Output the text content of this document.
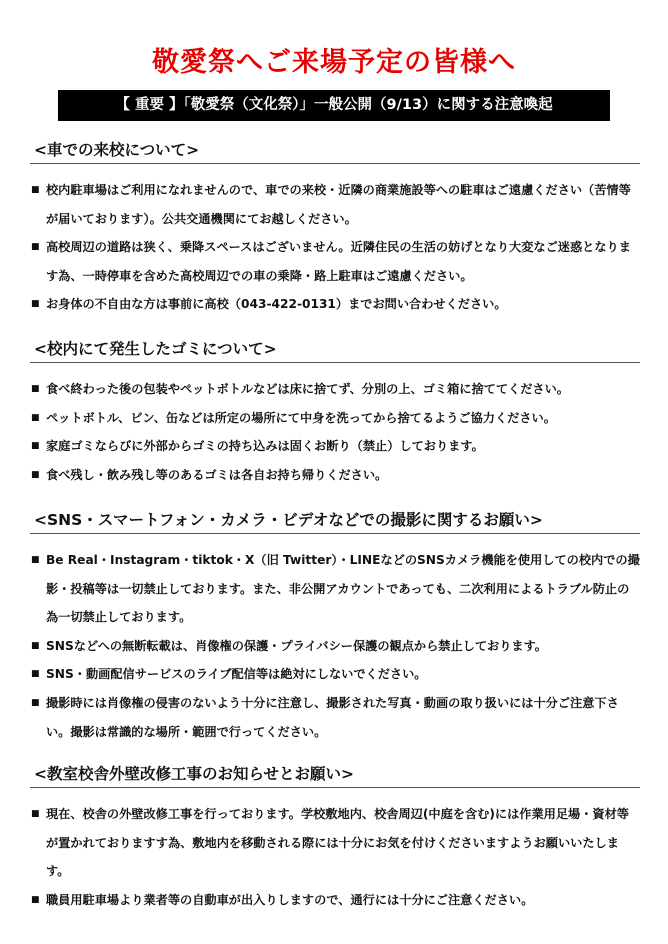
敬愛祭へご来場予定の皆様へ
【 重要 】「敬愛祭（文化祭）」一般公開（9/13）に関する注意喚起
<車での来校について>
■ 校内駐車場はご利用になれませんので、車での来校・近隣の商業施設等への駐車はご遠慮ください（苦情等が届いております）。公共交通機関にてお越しください。
■ 高校周辺の道路は狭く、乗降スペースはございません。近隣住民の生活の妨げとなり大変なご迷惑となります為、一時停車を含めた高校周辺での車の乗降・路上駐車はご遠慮ください。
■ お身体の不自由な方は事前に高校（043-422-0131）までお問い合わせください。
<校内にて発生したゴミについて>
■ 食べ終わった後の包装やペットボトルなどは床に捨てず、分別の上、ゴミ箱に捨ててください。
■ ペットボトル、ビン、缶などは所定の場所にて中身を洗ってから捨てるようご協力ください。
■ 家庭ゴミならびに外部からゴミの持ち込みは固くお断り（禁止）しております。
■ 食べ残し・飲み残し等のあるゴミは各自お持ち帰りください。
<SNS・スマートフォン・カメラ・ビデオなどでの撮影に関するお願い>
■ Be Real・Instagram・tiktok・X（旧 Twitter）・LINEなどのSNSカメラ機能を使用しての校内での撮影・投稿等は一切禁止しております。また、非公開アカウントであっても、二次利用によるトラブル防止の為一切禁止しております。
■ SNSなどへの無断転載は、肖像権の保護・プライバシー保護の観点から禁止しております。
■ SNS・動画配信サービスのライブ配信等は絶対にしないでください。
■ 撮影時には肖像権の侵害のないよう十分に注意し、撮影された写真・動画の取り扱いには十分ご注意下さい。撮影は常識的な場所・範囲で行ってください。
<教室校舎外壁改修工事のお知らせとお願い>
■ 現在、校舎の外壁改修工事を行っております。学校敷地内、校舎周辺(中庭を含む)には作業用足場・資材等が置かれておりますす為、敷地内を移動される際には十分にお気を付けくださいますようお願いいたします。
■ 職員用駐車場より業者等の自動車が出入りしますので、通行には十分にご注意ください。
